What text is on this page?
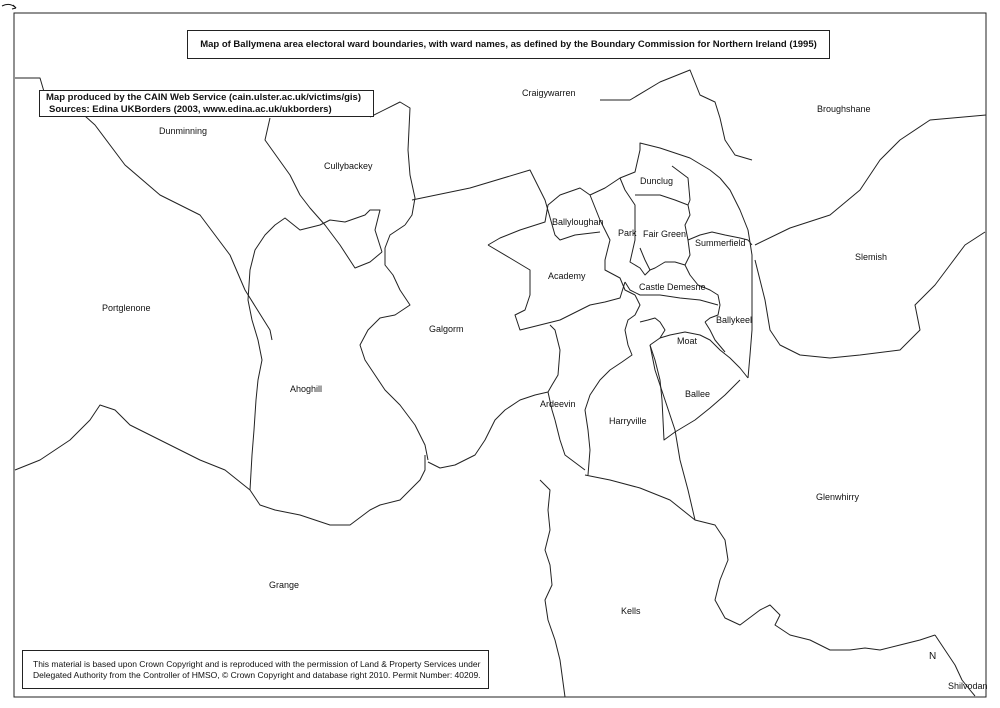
Craigywarren
Broughshane
Dunminning
Cullybackey
Dunclug
Ballyloughan
Park Fair Green
Summerfield
Slemish
Academy
Castle Demesne
Portglenone
Galgorm
Ballykeel
Moat
Ahoghill	Ballee
Ardeevin
Harryville
Glenwhirry
Grange
Kells
Shilvodan
Map of Ballymena area electoral ward boundaries, with ward names, as defined by the Boundary Commission for Northern Ireland (1995)
Map produced by the CAIN Web Service (cain.ulster.ac.uk/victims/gis)
Sources: Edina UKBorders (2003, www.edina.ac.uk/ukborders)
This material is based upon Crown Copyright and is reproduced with the permission of Land & Property Services under
Delegated Authority from the Controller of HMSO, © Crown Copyright and database right 2010. Permit Number: 40209.
N
